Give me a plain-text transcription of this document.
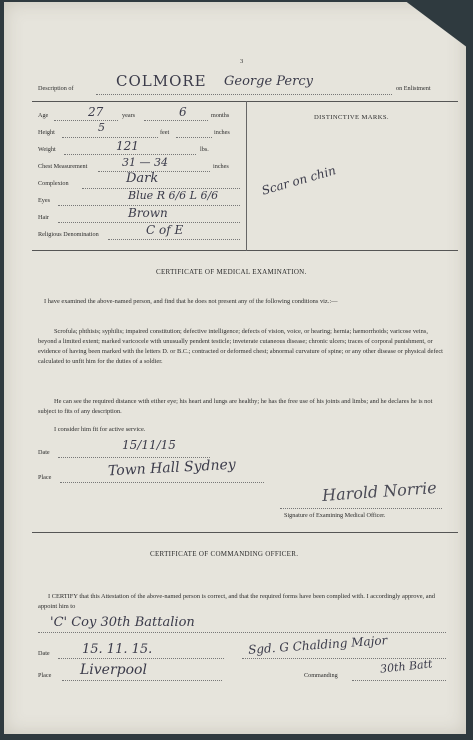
3
Description of	COLMORE George Percy	on Enlistment
Age	27	years	6	months
Height	5	feet	inches
Weight	121	lbs.
Chest Measurement	31 — 34	inches
Complexion	Dark
Eyes	Blue R 6/6 L 6/6
Hair	Brown
Religious Denomination	C of E
DISTINCTIVE MARKS.
Scar on chin
CERTIFICATE OF MEDICAL EXAMINATION.
I have examined the above-named person, and find that he does not present any of the following conditions viz.:—
Scrofula; phthisis; syphilis; impaired constitution; defective intelligence; defects of vision, voice, or hearing; hernia; hæmorrhoids; varicose veins, beyond a limited extent; marked varicocele with unusually pendent testicle; inveterate cutaneous disease; chronic ulcers; traces of corporal punishment, or evidence of having been marked with the letters D. or B.C.; contracted or deformed chest; abnormal curvature of spine; or any other disease or physical defect calculated to unfit him for the duties of a soldier.
He can see the required distance with either eye; his heart and lungs are healthy; he has the free use of his joints and limbs; and he declares he is not subject to fits of any description.
I consider him fit for active service.
Date
15/11/15
Place	Town Hall Sydney
Harold Norrie
Signature of Examining Medical Officer.
CERTIFICATE OF COMMANDING OFFICER.
I CERTIFY that this Attestation of the above-named person is correct, and that the required forms have been complied with. I accordingly approve, and appoint him to
'C' Coy 30th Battalion
Date 15. 11. 15.	Sgd. G Chalding Major
Place Liverpool	Commanding	30th Batt
